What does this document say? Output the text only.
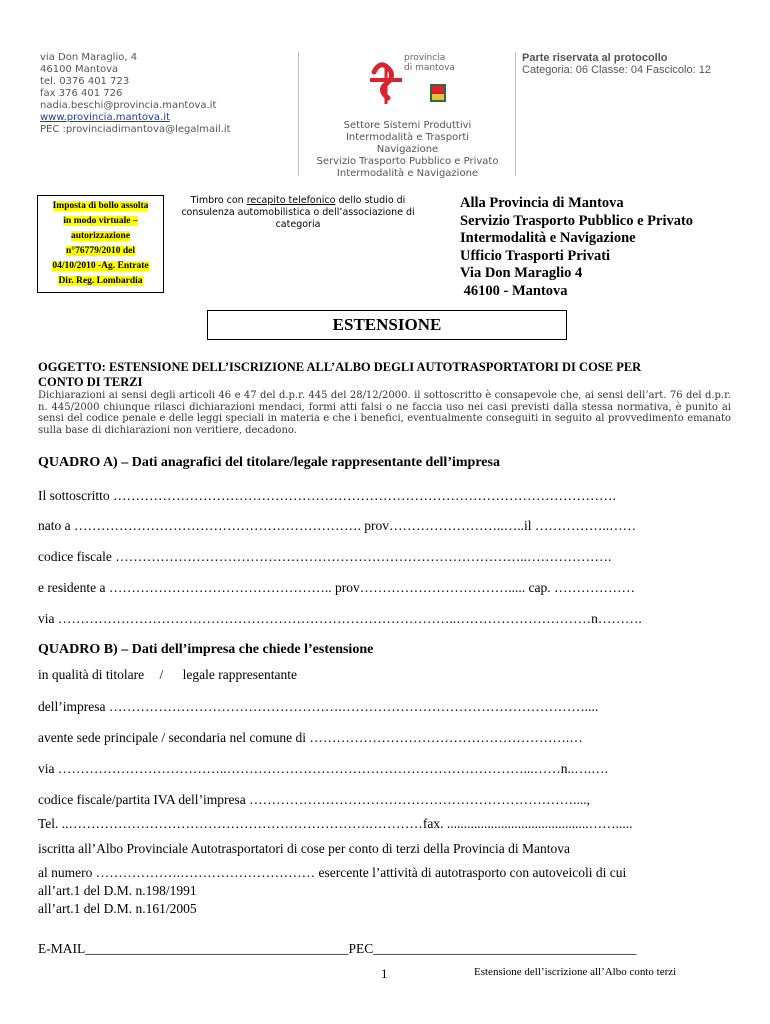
via Don Maraglio, 4
46100 Mantova
tel. 0376 401 723
fax 376 401 726
nadia.beschi@provincia.mantova.it
www.provincia.mantova.it
PEC :provinciadimantova@legalmail.it
provincia
di mantova
Settore Sistemi Produttivi
Intermodalità e Trasporti
Navigazione
Servizio Trasporto Pubblico e Privato
Intermodalità e Navigazione
Parte riservata al protocollo
Categoria: 06 Classe: 04 Fascicolo: 12
Imposta di bollo assolta
in modo virtuale –
autorizzazione
n°76779/2010 del
04/10/2010 -Ag. Entrate
Dir. Reg. Lombardia
Timbro con recapito telefonico dello studio di
consulenza automobilistica o dell’associazione di
categoria
Alla Provincia di Mantova
Servizio Trasporto Pubblico e Privato
Intermodalità e Navigazione
Ufficio Trasporti Privati
Via Don Maraglio 4
46100 - Mantova
ESTENSIONE
OGGETTO: ESTENSIONE DELL’ISCRIZIONE ALL’ALBO DEGLI AUTOTRASPORTATORI DI COSE PER
CONTO DI TERZI
Dichiarazioni ai sensi degli articoli 46 e 47 del d.p.r. 445 del 28/12/2000. il sottoscritto è consapevole che, ai sensi dell’art. 76 del d.p.r. n. 445/2000 chiunque rilasci dichiarazioni mendaci, formi atti falsi o ne faccia uso nei casi previsti dalla stessa normativa, è punito ai sensi del codice penale e delle leggi speciali in materia e che i benefici, eventualmente conseguiti in seguito al provvedimento emanato sulla base di dichiarazioni non veritiere, decadono.
QUADRO A) – Dati anagrafici del titolare/legale rappresentante dell’impresa
Il sottoscritto ………………………………………………………………………………………………….
nato a ………………………………………………………. prov……………………..…..il ……………..……
codice fiscale ………………………………………………………………………………..……………….
e residente a ………………………………………….. prov……………………………..... cap. ………………
via ……………………………………………………………………………..…………………………n……….
QUADRO B) – Dati dell’impresa che chiede l’estensione
in qualità di titolare / legale rappresentante
dell’impresa …………………………………………….………………………………………………....
avente sede principale / secondaria nel comune di ………………………………………………….…
via ………………………………..…………………………………………………………...……n..….….
codice fiscale/partita IVA dell’impresa ………………………………………………………………....,
Tel. ..………………………………………………………….…………fax. ..........................................…….....
iscritta all’Albo Provinciale Autotrasportatori di cose per conto di terzi della Provincia di Mantova
al numero ……………….………………………… esercente l’attività di autotrasporto con autoveicoli di cui
all’art.1 del D.M. n.198/1991
all’art.1 del D.M. n.161/2005
E-MAIL_______________________________________PEC_______________________________________
1	Estensione dell’iscrizione all’Albo conto terzi
